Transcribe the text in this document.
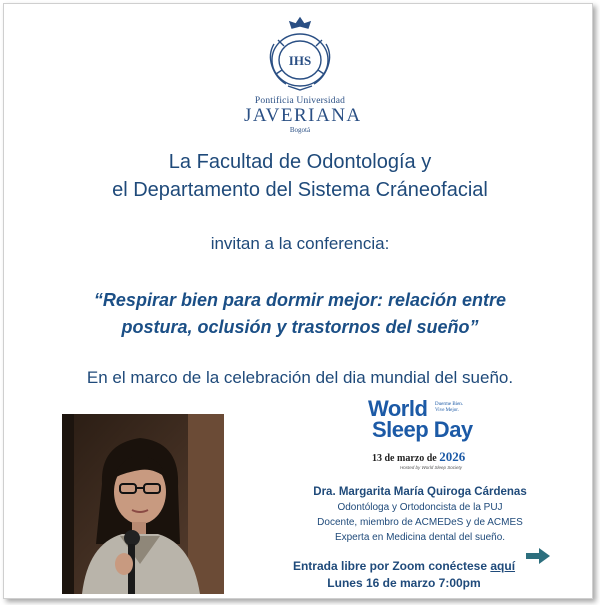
IHS
Pontificia Universidad
JAVERIANA
Bogotá
La Facultad de Odontología y
el Departamento del Sistema Cráneofacial
invitan a la conferencia:
“Respirar bien para dormir mejor: relación entre
postura, oclusión y trastornos del sueño”
En el marco de la celebración del dia mundial del sueño.
World
Sleep Day
Duerme Bien.
Vive Mejor.
13 de marzo de 2026
Hosted by World Sleep Society
Dra. Margarita María Quiroga Cárdenas
Odontóloga y Ortodoncista de la PUJ
Docente, miembro de ACMEDeS y de ACMES
Experta en Medicina dental del sueño.
Entrada libre por Zoom conéctese aquí
Lunes 16 de marzo 7:00pm
